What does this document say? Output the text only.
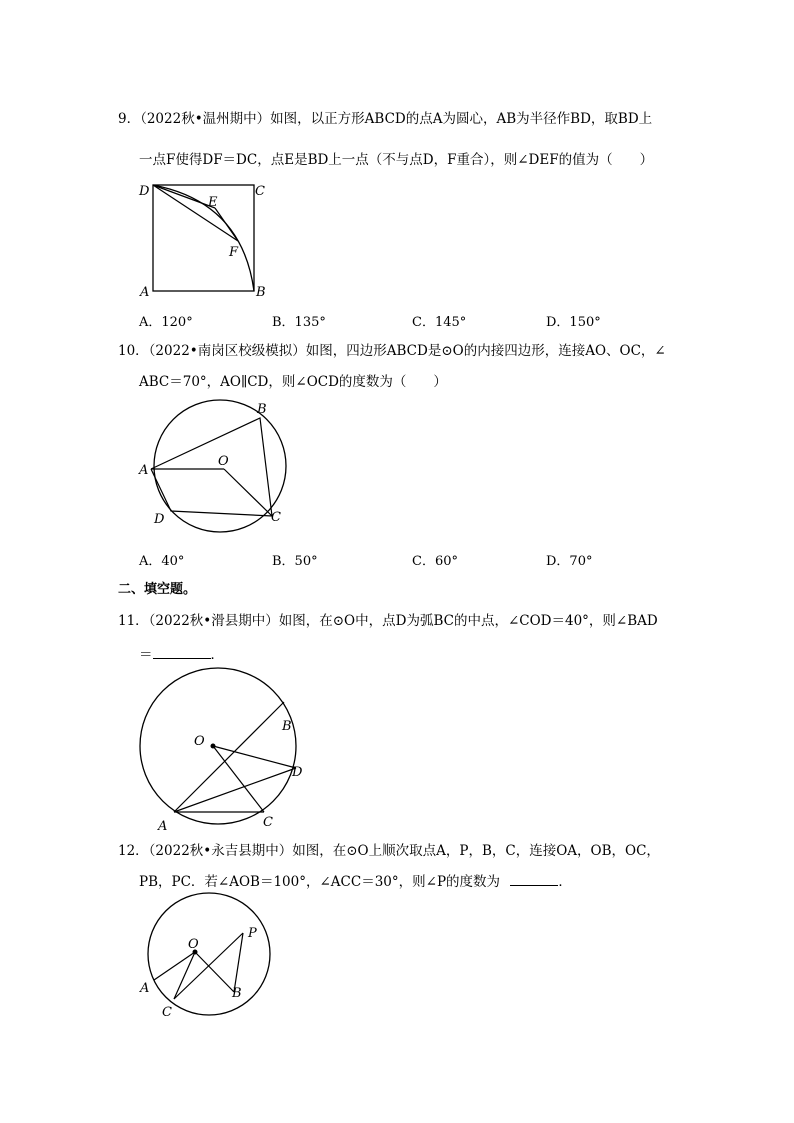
9．（2022秋•温州期中）如图，以正方形ABCD的点A为圆心，AB为半径作BD，取BD上
一点F使得DF＝DC，点E是BD上一点（不与点D，F重合），则∠DEF的值为（　　）
D	C
E
F
A	B
A．120°	B．135°	C．145°	D．150°
10．（2022•南岗区校级模拟）如图，四边形ABCD是⊙O的内接四边形，连接AO、OC，∠
ABC＝70°，AO∥CD，则∠OCD的度数为（　　）
A
B
C
D
O
A．40°	B．50°	C．60°	D．70°
二、填空题。
11．（2022秋•滑县期中）如图，在⊙O中，点D为弧BC的中点，∠COD＝40°，则∠BAD
＝	．
O
B
D
A	C
12．（2022秋•永吉县期中）如图，在⊙O上顺次取点A，P，B，C，连接OA，OB，OC，
PB，PC．若∠AOB＝100°，∠ACC＝30°，则∠P的度数为	．
O
P
A	B
C
